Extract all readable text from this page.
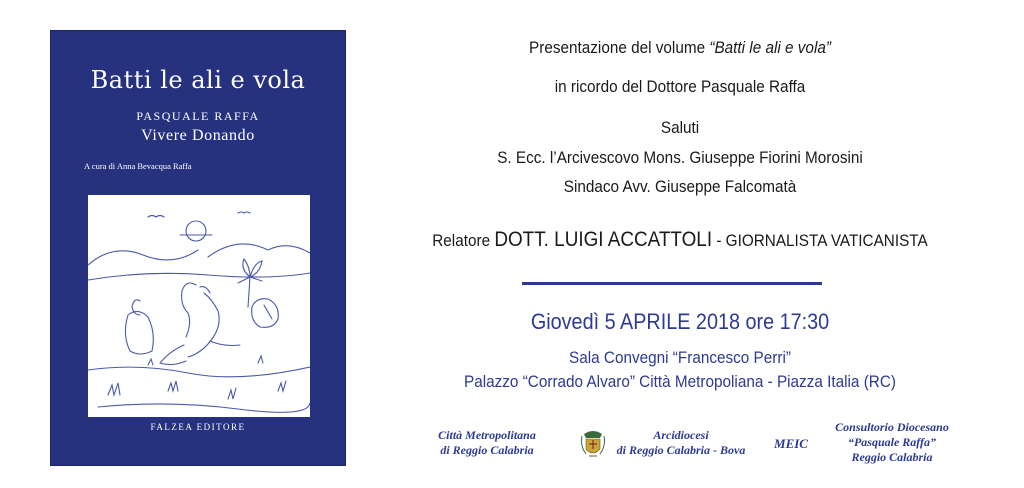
Batti le ali e vola
PASQUALE RAFFA
Vivere Donando
A cura di Anna Bevacqua Raffa
FALZEA EDITORE
Presentazione del volume “Batti le ali e vola”
in ricordo del Dottore Pasquale Raffa
Saluti
S. Ecc. l’Arcivescovo Mons. Giuseppe Fiorini Morosini
Sindaco Avv. Giuseppe Falcomatà
Relatore DOTT. LUIGI ACCATTOLI - GIORNALISTA VATICANISTA
Giovedì 5 APRILE 2018 ore 17:30
Sala Convegni “Francesco Perri”
Palazzo “Corrado Alvaro” Città Metropoliana - Piazza Italia (RC)
Città Metropolitana
di Reggio Calabria
Arcidiocesi
di Reggio Calabria - Bova	MEIC
Consultorio Diocesano
“Pasquale Raffa”
Reggio Calabria
